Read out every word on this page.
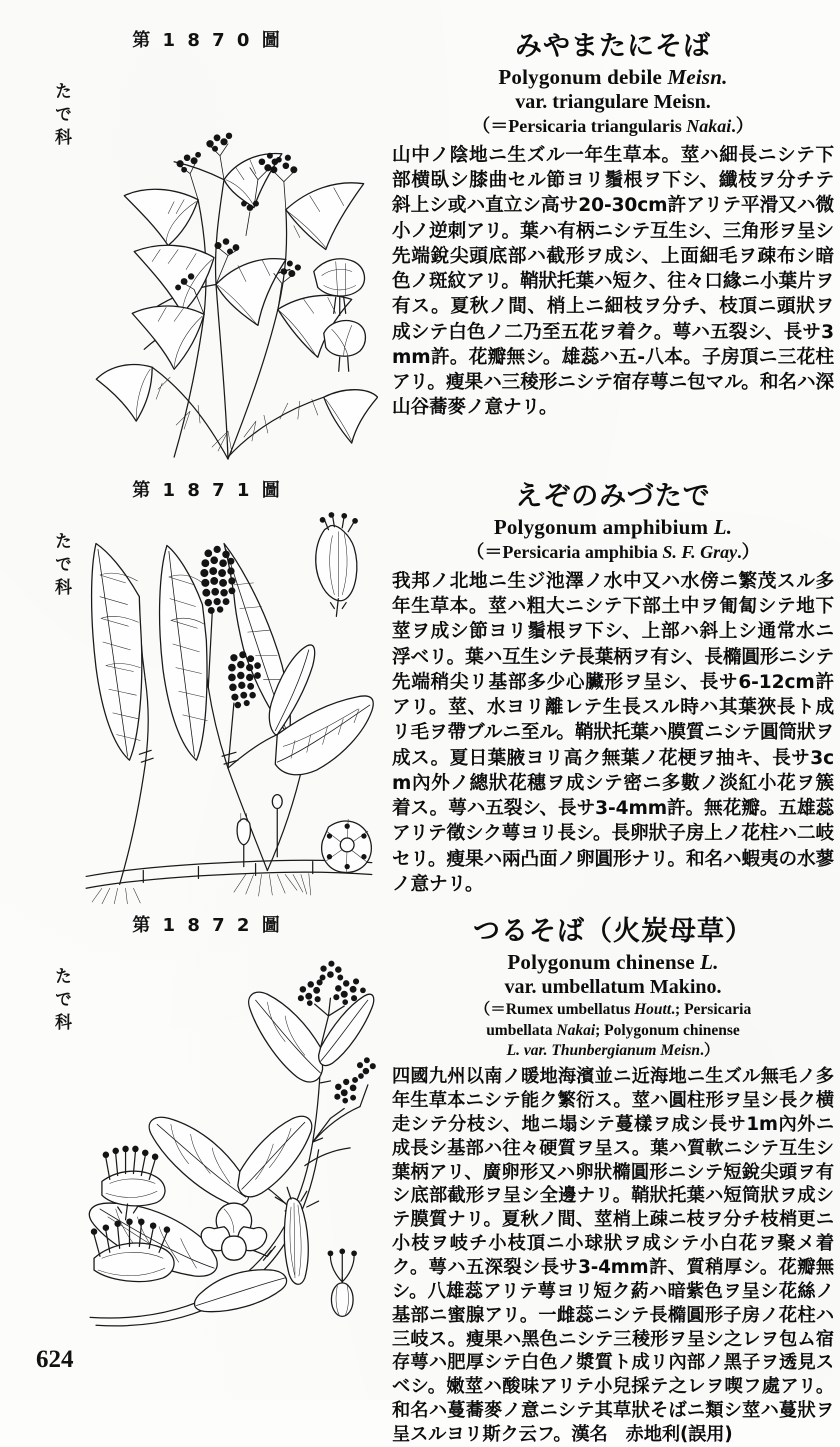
第 1 8 7 0 圖
たで科
みやまたにそば
Polygonum debile Meisn.
var. triangulare Meisn.
（＝Persicaria triangularis Nakai.）
山中ノ陰地ニ生ズル一年生草本。莖ハ細長ニシテ下部横臥シ膝曲セル節ヨリ鬚根ヲ下シ、纖枝ヲ分チテ斜上シ或ハ直立シ高サ20-30cm許アリテ平滑又ハ微小ノ逆刺アリ。葉ハ有柄ニシテ互生シ、三角形ヲ呈シ先端銳尖頭底部ハ截形ヲ成シ、上面細毛ヲ疎布シ暗色ノ斑紋アリ。鞘狀托葉ハ短ク、往々口緣ニ小葉片ヲ有ス。夏秋ノ間、梢上ニ細枝ヲ分チ、枝頂ニ頭狀ヲ成シテ白色ノ二乃至五花ヲ着ク。萼ハ五裂シ、長サ3mm許。花瓣無シ。雄蕊ハ五-八本。子房頂ニ三花柱アリ。瘦果ハ三稜形ニシテ宿存萼ニ包マル。和名ハ深山谷蕎麥ノ意ナリ。
第 1 8 7 1 圖
たで科
えぞのみづたで
Polygonum amphibium L.
（＝Persicaria amphibia S. F. Gray.）
我邦ノ北地ニ生ジ池澤ノ水中又ハ水傍ニ繁茂スル多年生草本。莖ハ粗大ニシテ下部土中ヲ匍匐シテ地下莖ヲ成シ節ヨリ鬚根ヲ下シ、上部ハ斜上シ通常水ニ浮ベリ。葉ハ互生シテ長葉柄ヲ有シ、長橢圓形ニシテ先端稍尖リ基部多少心臟形ヲ呈シ、長サ6-12cm許アリ。莖、水ヨリ離レテ生長スル時ハ其葉狹長ト成リ毛ヲ帶ブルニ至ル。鞘狀托葉ハ膜質ニシテ圓筒狀ヲ成ス。夏日葉腋ヨリ高ク無葉ノ花梗ヲ抽キ、長サ3cm內外ノ總狀花穗ヲ成シテ密ニ多數ノ淡紅小花ヲ簇着ス。萼ハ五裂シ、長サ3-4mm許。無花瓣。五雄蕊アリテ徵シク萼ヨリ長シ。長卵狀子房上ノ花柱ハ二岐セリ。瘦果ハ兩凸面ノ卵圓形ナリ。和名ハ蝦夷の水蓼ノ意ナリ。
第 1 8 7 2 圖
たで科
つるそば（火炭母草）
Polygonum chinense L.
var. umbellatum Makino.
（＝Rumex umbellatus Houtt.; Persicaria
umbellata Nakai; Polygonum chinense
L. var. Thunbergianum Meisn.）
四國九州以南ノ暖地海濱並ニ近海地ニ生ズル無毛ノ多年生草本ニシテ能ク繁衍ス。莖ハ圓柱形ヲ呈シ長ク横走シテ分枝シ、地ニ塌シテ蔓樣ヲ成シ長サ1m內外ニ成長シ基部ハ往々硬質ヲ呈ス。葉ハ質軟ニシテ互生シ葉柄アリ、廣卵形又ハ卵狀橢圓形ニシテ短銳尖頭ヲ有シ底部截形ヲ呈シ全邊ナリ。鞘狀托葉ハ短筒狀ヲ成シテ膜質ナリ。夏秋ノ間、莖梢上疎ニ枝ヲ分チ枝梢更ニ小枝ヲ岐チ小枝頂ニ小球狀ヲ成シテ小白花ヲ聚メ着ク。萼ハ五深裂シ長サ3-4mm許、質稍厚シ。花瓣無シ。八雄蕊アリテ萼ヨリ短ク葯ハ暗紫色ヲ呈シ花絲ノ基部ニ蜜腺アリ。一雌蕊ニシテ長橢圓形子房ノ花柱ハ三岐ス。瘦果ハ黑色ニシテ三稜形ヲ呈シ之レヲ包ム宿存萼ハ肥厚シテ白色ノ漿質ト成リ內部ノ黑子ヲ透見スベシ。嫩莖ハ酸味アリテ小兒採テ之レヲ喫フ處アリ。和名ハ蔓蕎麥ノ意ニシテ其草狀そばニ類シ莖ハ蔓狀ヲ呈スルヨリ斯ク云フ。漢名　赤地利(誤用)
624
